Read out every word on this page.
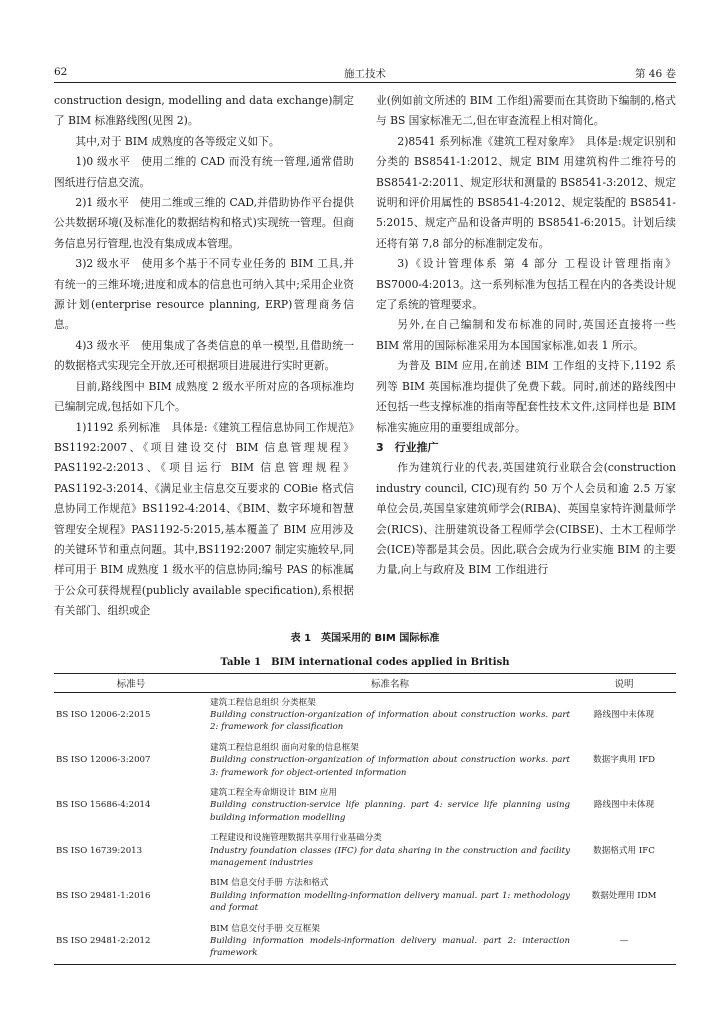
62	施工技术	第 46 卷

construction design, modelling and data exchange)制定了 BIM 标准路线图(见图 2)。

其中,对于 BIM 成熟度的各等级定义如下。

1)0 级水平　使用二维的 CAD 而没有统一管理,通常借助图纸进行信息交流。

2)1 级水平　使用二维或三维的 CAD,并借助协作平台提供公共数据环境(及标准化的数据结构和格式)实现统一管理。但商务信息另行管理,也没有集成成本管理。

3)2 级水平　使用多个基于不同专业任务的 BIM 工具,并有统一的三维环境;进度和成本的信息也可纳入其中;采用企业资源计划(enterprise resource planning, ERP)管理商务信息。

4)3 级水平　使用集成了各类信息的单一模型,且借助统一的数据格式实现完全开放,还可根据项目进展进行实时更新。

目前,路线图中 BIM 成熟度 2 级水平所对应的各项标准均已编制完成,包括如下几个。

1)1192 系列标准　具体是:《建筑工程信息协同工作规范》BS1192:2007、《项目建设交付 BIM 信息管理规程》PAS1192-2:2013、《项目运行 BIM 信息管理规程》PAS1192-3:2014、《满足业主信息交互要求的 COBie 格式信息协同工作规范》BS1192-4:2014、《BIM、数字环境和智慧管理安全规程》PAS1192-5:2015,基本覆盖了 BIM 应用涉及的关键环节和重点问题。其中,BS1192:2007 制定实施较早,同样可用于 BIM 成熟度 1 级水平的信息协同;编号 PAS 的标准属于公众可获得规程(publicly available specification),系根据有关部门、组织或企

业(例如前文所述的 BIM 工作组)需要而在其资助下编制的,格式与 BS 国家标准无二,但在审查流程上相对简化。

2)8541 系列标准《建筑工程对象库》　具体是:规定识别和分类的 BS8541-1:2012、规定 BIM 用建筑构件二维符号的 BS8541-2:2011、规定形状和测量的 BS8541-3:2012、规定说明和评价用属性的 BS8541-4:2012、规定装配的 BS8541-5:2015、规定产品和设备声明的 BS8541-6:2015。计划后续还将有第 7,8 部分的标准制定发布。

3)《设计管理体系 第 4 部分 工程设计管理指南》BS7000-4:2013。这一系列标准为包括工程在内的各类设计规定了系统的管理要求。

另外,在自己编制和发布标准的同时,英国还直接将一些 BIM 常用的国际标准采用为本国国家标准,如表 1 所示。

为普及 BIM 应用,在前述 BIM 工作组的支持下,1192 系列等 BIM 英国标准均提供了免费下载。同时,前述的路线图中还包括一些支撑标准的指南等配套性技术文件,这同样也是 BIM 标准实施应用的重要组成部分。

3　 行业推广

作为建筑行业的代表,英国建筑行业联合会(construction industry council, CIC)现有约 50 万个人会员和逾 2.5 万家单位会员,英国皇家建筑师学会(RIBA)、英国皇家特许测量师学会(RICS)、注册建筑设备工程师学会(CIBSE)、土木工程师学会(ICE)等都是其会员。因此,联合会成为行业实施 BIM 的主要力量,向上与政府及 BIM 工作组进行

表 1　英国采用的 BIM 国际标准
Table 1　BIM international codes applied in British
标准号	标准名称	说明
BS ISO 12006-2:2015	建筑工程信息组织 分类框架
Building construction-organization of information about construction works. part 2: framework for classification	路线图中未体现
BS ISO 12006-3:2007	建筑工程信息组织 面向对象的信息框架
Building construction-organization of information about construction works. part 3: framework for object-oriented information	数据字典用 IFD
BS ISO 15686-4:2014	建筑工程全寿命期设计 BIM 应用
Building construction-service life planning. part 4: service life planning using building information modelling	路线图中未体现
BS ISO 16739:2013	工程建设和设施管理数据共享用行业基础分类
Industry foundation classes (IFC) for data sharing in the construction and facility management industries	数据格式用 IFC
BS ISO 29481-1:2016	BIM 信息交付手册 方法和格式
Building information modelling-information delivery manual. part 1: methodology and format	数据处理用 IDM
BS ISO 29481-2:2012	BIM 信息交付手册 交互框架
Building information models-information delivery manual. part 2: interaction framework	—
